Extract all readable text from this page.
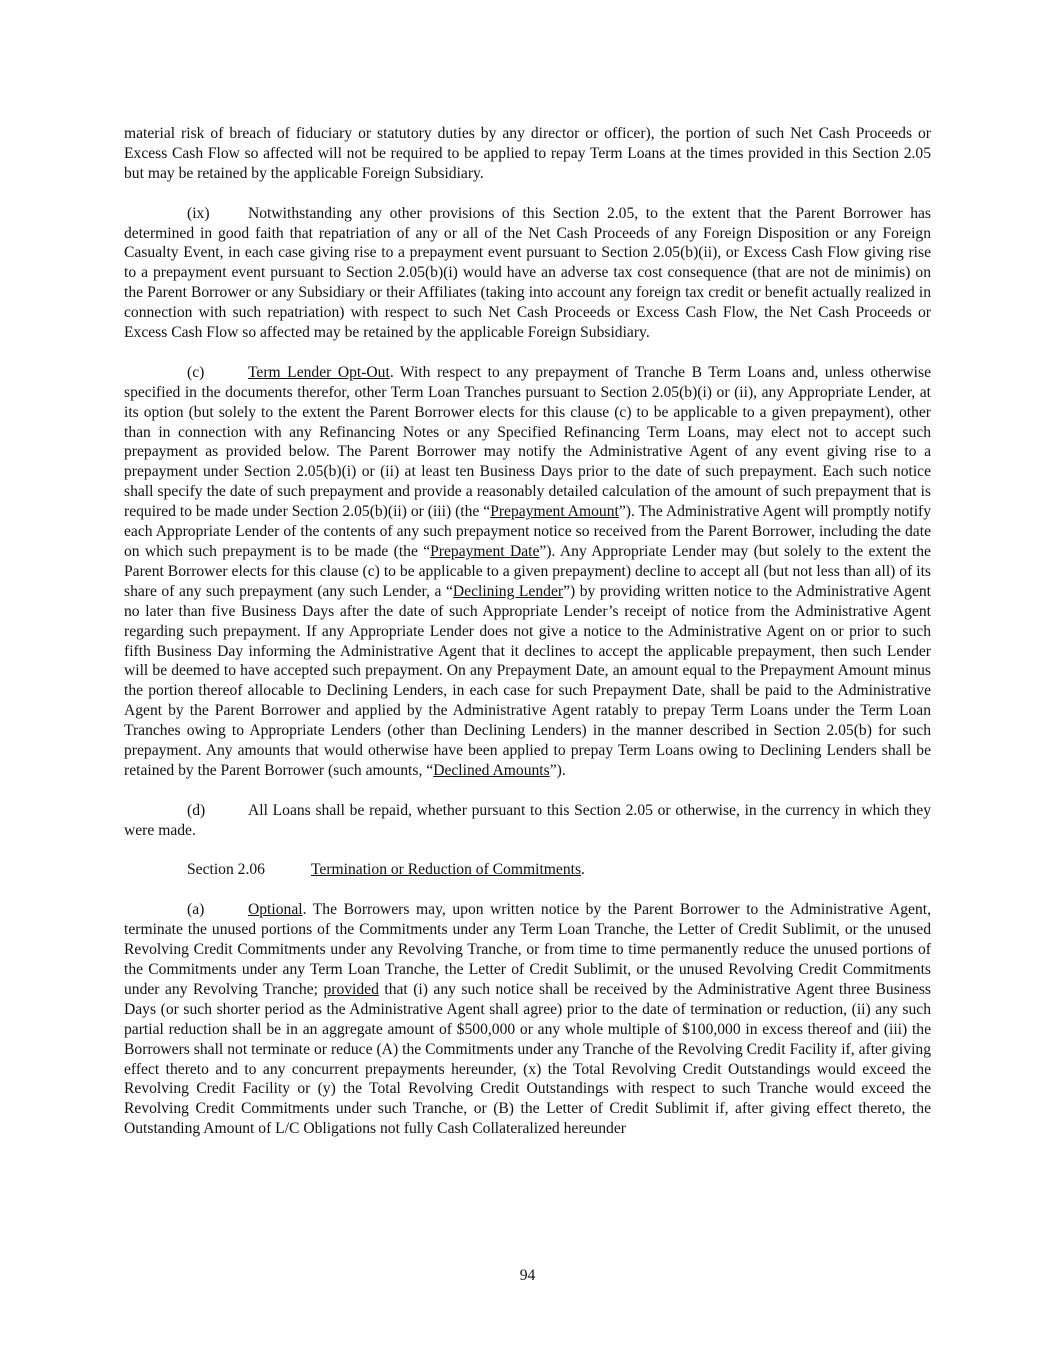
material risk of breach of fiduciary or statutory duties by any director or officer), the portion of such Net Cash Proceeds or Excess Cash Flow so affected will not be required to be applied to repay Term Loans at the times provided in this Section 2.05 but may be retained by the applicable Foreign Subsidiary.

(ix) Notwithstanding any other provisions of this Section 2.05, to the extent that the Parent Borrower has determined in good faith that repatriation of any or all of the Net Cash Proceeds of any Foreign Disposition or any Foreign Casualty Event, in each case giving rise to a prepayment event pursuant to Section 2.05(b)(ii), or Excess Cash Flow giving rise to a prepayment event pursuant to Section 2.05(b)(i) would have an adverse tax cost consequence (that are not de minimis) on the Parent Borrower or any Subsidiary or their Affiliates (taking into account any foreign tax credit or benefit actually realized in connection with such repatriation) with respect to such Net Cash Proceeds or Excess Cash Flow, the Net Cash Proceeds or Excess Cash Flow so affected may be retained by the applicable Foreign Subsidiary.

(c)	Term Lender Opt-Out. With respect to any prepayment of Tranche B Term Loans and, unless otherwise specified in the documents therefor, other Term Loan Tranches pursuant to Section 2.05(b)(i) or (ii), any Appropriate Lender, at its option (but solely to the extent the Parent Borrower elects for this clause (c) to be applicable to a given prepayment), other than in connection with any Refinancing Notes or any Specified Refinancing Term Loans, may elect not to accept such prepayment as provided below. The Parent Borrower may notify the Administrative Agent of any event giving rise to a prepayment under Section 2.05(b)(i) or (ii) at least ten Business Days prior to the date of such prepayment. Each such notice shall specify the date of such prepayment and provide a reasonably detailed calculation of the amount of such prepayment that is required to be made under Section 2.05(b)(ii) or (iii) (the “Prepayment Amount”). The Administrative Agent will promptly notify each Appropriate Lender of the contents of any such prepayment notice so received from the Parent Borrower, including the date on which such prepayment is to be made (the “Prepayment Date”). Any Appropriate Lender may (but solely to the extent the Parent Borrower elects for this clause (c) to be applicable to a given prepayment) decline to accept all (but not less than all) of its share of any such prepayment (any such Lender, a “Declining Lender”) by providing written notice to the Administrative Agent no later than five Business Days after the date of such Appropriate Lender’s receipt of notice from the Administrative Agent regarding such prepayment. If any Appropriate Lender does not give a notice to the Administrative Agent on or prior to such fifth Business Day informing the Administrative Agent that it declines to accept the applicable prepayment, then such Lender will be deemed to have accepted such prepayment. On any Prepayment Date, an amount equal to the Prepayment Amount minus the portion thereof allocable to Declining Lenders, in each case for such Prepayment Date, shall be paid to the Administrative Agent by the Parent Borrower and applied by the Administrative Agent ratably to prepay Term Loans under the Term Loan Tranches owing to Appropriate Lenders (other than Declining Lenders) in the manner described in Section 2.05(b) for such prepayment. Any amounts that would otherwise have been applied to prepay Term Loans owing to Declining Lenders shall be retained by the Parent Borrower (such amounts, “Declined Amounts”).

(d)	All Loans shall be repaid, whether pursuant to this Section 2.05 or otherwise, in the currency in which they were made.

Section 2.06	Termination or Reduction of Commitments.

(a)	Optional. The Borrowers may, upon written notice by the Parent Borrower to the Administrative Agent, terminate the unused portions of the Commitments under any Term Loan Tranche, the Letter of Credit Sublimit, or the unused Revolving Credit Commitments under any Revolving Tranche, or from time to time permanently reduce the unused portions of the Commitments under any Term Loan Tranche, the Letter of Credit Sublimit, or the unused Revolving Credit Commitments under any Revolving Tranche; provided that (i) any such notice shall be received by the Administrative Agent three Business Days (or such shorter period as the Administrative Agent shall agree) prior to the date of termination or reduction, (ii) any such partial reduction shall be in an aggregate amount of $500,000 or any whole multiple of $100,000 in excess thereof and (iii) the Borrowers shall not terminate or reduce (A) the Commitments under any Tranche of the Revolving Credit Facility if, after giving effect thereto and to any concurrent prepayments hereunder, (x) the Total Revolving Credit Outstandings would exceed the Revolving Credit Facility or (y) the Total Revolving Credit Outstandings with respect to such Tranche would exceed the Revolving Credit Commitments under such Tranche, or (B) the Letter of Credit Sublimit if, after giving effect thereto, the Outstanding Amount of L/C Obligations not fully Cash Collateralized hereunder

94
